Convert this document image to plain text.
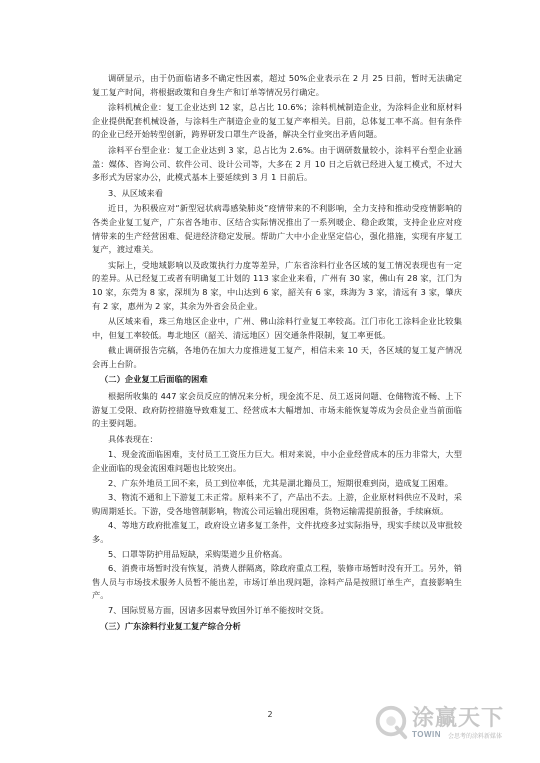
调研显示，由于仍面临诸多不确定性因素，超过 50%企业表示在 2 月 25 日前，暂时无法确定复工复产时间，将根据政策和自身生产和订单等情况另行确定。

涂料机械企业：复工企业达到 12 家，总占比 10.6%；涂料机械制造企业，为涂料企业和原材料企业提供配套机械设备，与涂料生产制造企业的复工复产率相关。目前，总体复工率不高。但有条件的企业已经开始转型创新，跨界研发口罩生产设备，解决全行业突出矛盾问题。

涂料平台型企业：复工企业达到 3 家，总占比为 2.6%。由于调研数量较小，涂料平台型企业涵盖：媒体、咨询公司、软件公司、设计公司等，大多在 2 月 10 日之后就已经进入复工模式，不过大多形式为居家办公，此模式基本上要延续到 3 月 1 日前后。

3、从区域来看

近日，为积极应对“新型冠状病毒感染肺炎”疫情带来的不利影响，全力支持和推动受疫情影响的各类企业复工复产，广东省各地市、区结合实际情况推出了一系列暖企、稳企政策，支持企业应对疫情带来的生产经营困难、促进经济稳定发展。帮助广大中小企业坚定信心，强化措施，实现有序复工复产，渡过难关。

实际上，受地域影响以及政策执行力度等差异，广东省涂料行业各区域的复工情况表现也有一定的差异。从已经复工或者有明确复工计划的 113 家企业来看，广州有 30 家，佛山有 28 家，江门为 10 家，东莞为 8 家，深圳为 8 家，中山达到 6 家，韶关有 6 家，珠海为 3 家，清远有 3 家，肇庆有 2 家，惠州为 2 家，其余为外省会员企业。

从区域来看，珠三角地区企业中，广州、佛山涂料行业复工率较高。江门市化工涂料企业比较集中，但复工率较低。粤北地区（韶关、清远地区）因交通条件限制，复工率更低。

截止调研报告完稿，各地仍在加大力度推进复工复产，相信未来 10 天，各区域的复工复产情况会再上台阶。

（二）企业复工后面临的困难

根据所收集的 447 家会员反应的情况来分析，现金流不足、员工返岗问题、仓储物流不畅、上下游复工受限、政府防控措施导致难复工、经营成本大幅增加、市场未能恢复等成为会员企业当前面临的主要问题。

具体表现在：

1、现金流面临困难，支付员工工资压力巨大。相对来说，中小企业经营成本的压力非常大，大型企业面临的现金流困难问题也比较突出。

2、广东外地员工回不来，员工到位率低，尤其是湖北籍员工，短期很难到岗，造成复工困难。

3、物流不通和上下游复工未正常。原料来不了，产品出不去。上游，企业原材料供应不及时，采购周期延长。下游，受各地管制影响，物流公司运输出现困难，货物运输需提前报备，手续麻烦。

4、等地方政府批准复工，政府设立诸多复工条件，文件扰疫多过实际指导，现实手续以及审批较多。

5、口罩等防护用品短缺，采购渠道少且价格高。

6、消费市场暂时没有恢复，消费人群隔离，除政府重点工程，装修市场暂时没有开工。另外，销售人员与市场技术服务人员暂不能出差，市场订单出现问题，涂料产品是按照订单生产，直接影响生产。

7、国际贸易方面，因诸多因素导致国外订单不能按时交货。

（三）广东涂料行业复工复产综合分析

2	涂赢天下
TOWIN 会思考的涂料新媒体
